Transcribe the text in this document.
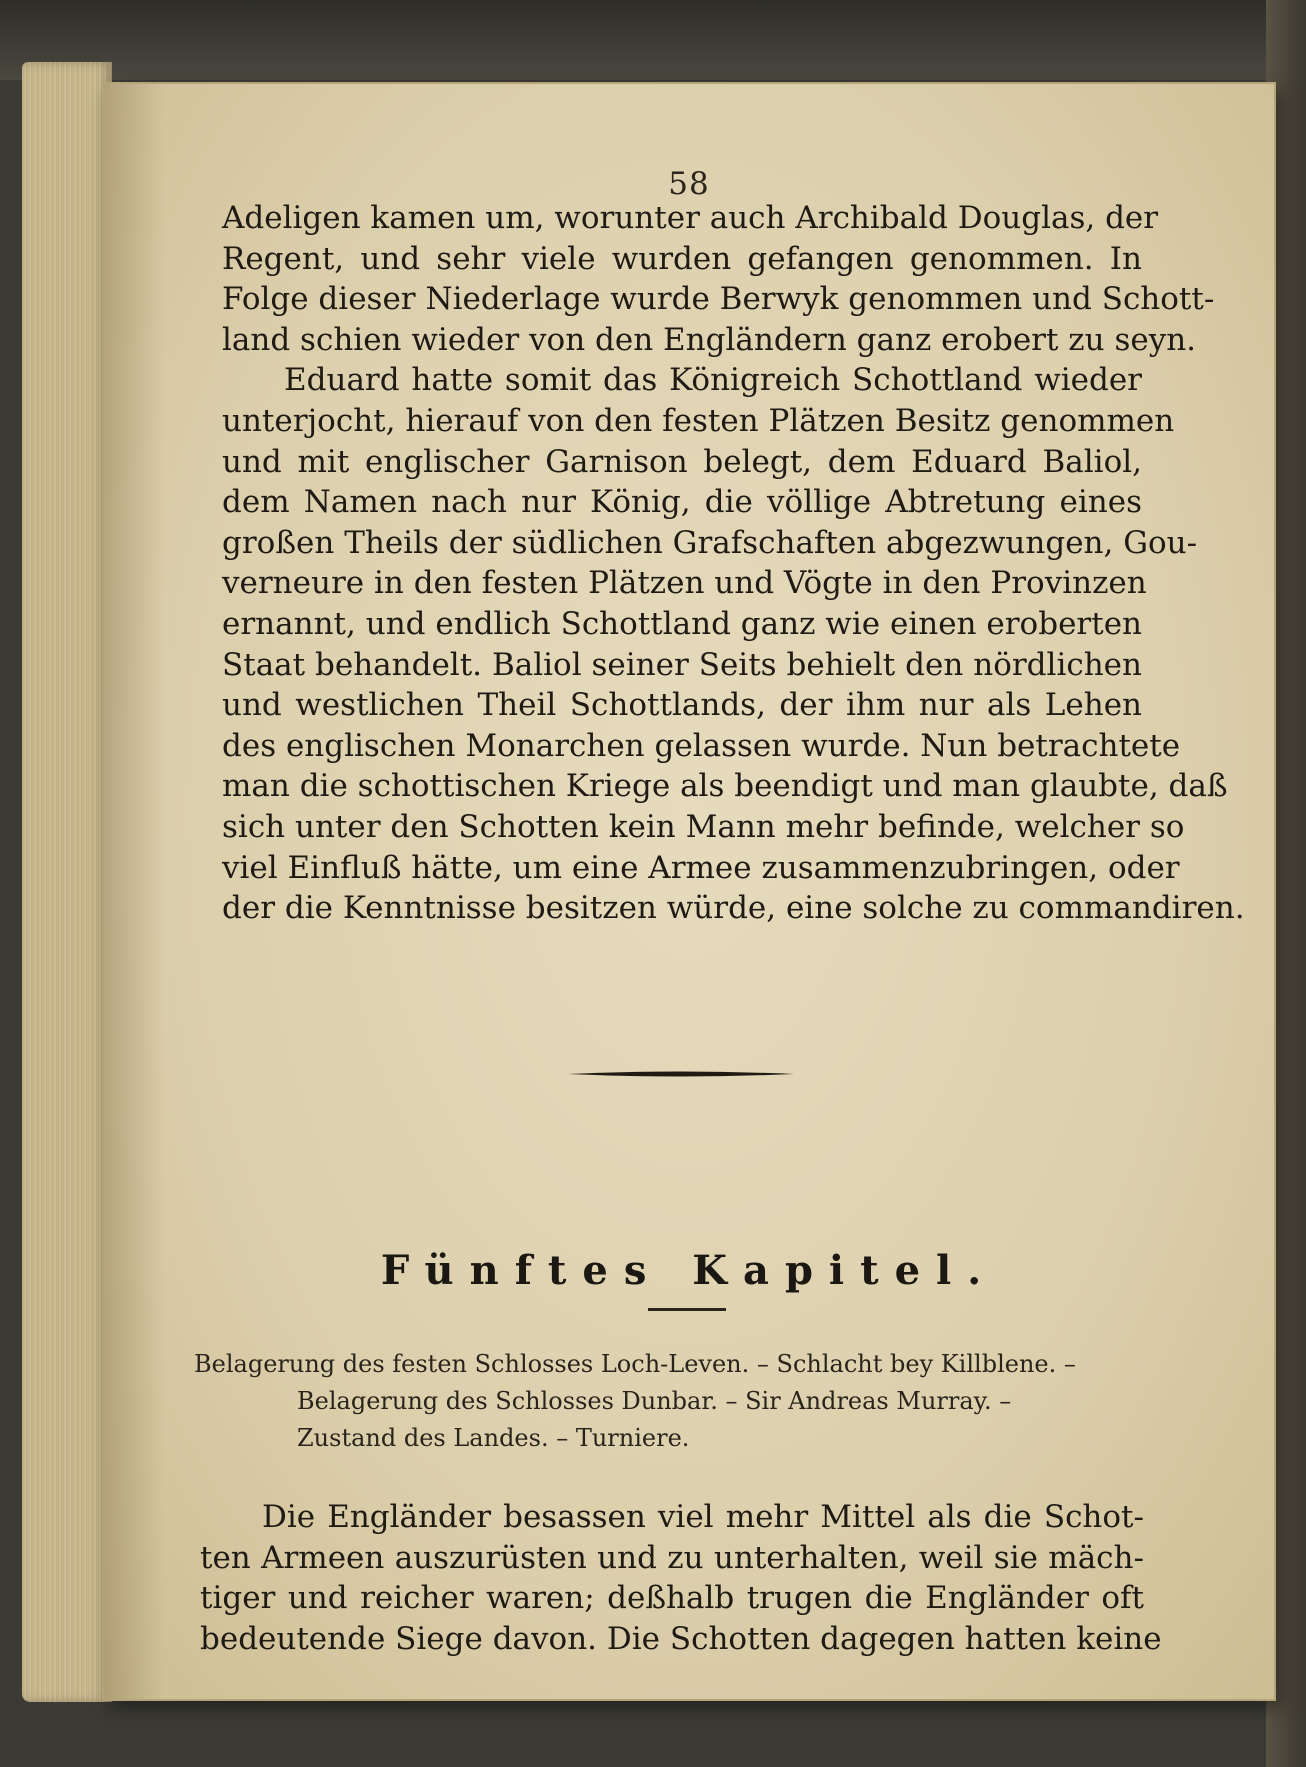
58
Adeligen kamen um, worunter auch Archibald Douglas, der
Regent, und sehr viele wurden gefangen genommen. In
Folge dieser Niederlage wurde Berwyk genommen und Schott-
land schien wieder von den Engländern ganz erobert zu seyn.
Eduard hatte somit das Königreich Schottland wieder
unterjocht, hierauf von den festen Plätzen Besitz genommen
und mit englischer Garnison belegt, dem Eduard Baliol,
dem Namen nach nur König, die völlige Abtretung eines
großen Theils der südlichen Grafschaften abgezwungen, Gou-
verneure in den festen Plätzen und Vögte in den Provinzen
ernannt, und endlich Schottland ganz wie einen eroberten
Staat behandelt. Baliol seiner Seits behielt den nördlichen
und westlichen Theil Schottlands, der ihm nur als Lehen
des englischen Monarchen gelassen wurde. Nun betrachtete
man die schottischen Kriege als beendigt und man glaubte, daß
sich unter den Schotten kein Mann mehr befinde, welcher so
viel Einfluß hätte, um eine Armee zusammenzubringen, oder
der die Kenntnisse besitzen würde, eine solche zu commandiren.
Fünftes Kapitel.
Belagerung des festen Schlosses Loch-Leven. – Schlacht bey Killblene. –
Belagerung des Schlosses Dunbar. – Sir Andreas Murray. –
Zustand des Landes. – Turniere.
Die Engländer besassen viel mehr Mittel als die Schot-
ten Armeen auszurüsten und zu unterhalten, weil sie mäch-
tiger und reicher waren; deßhalb trugen die Engländer oft
bedeutende Siege davon. Die Schotten dagegen hatten keine
